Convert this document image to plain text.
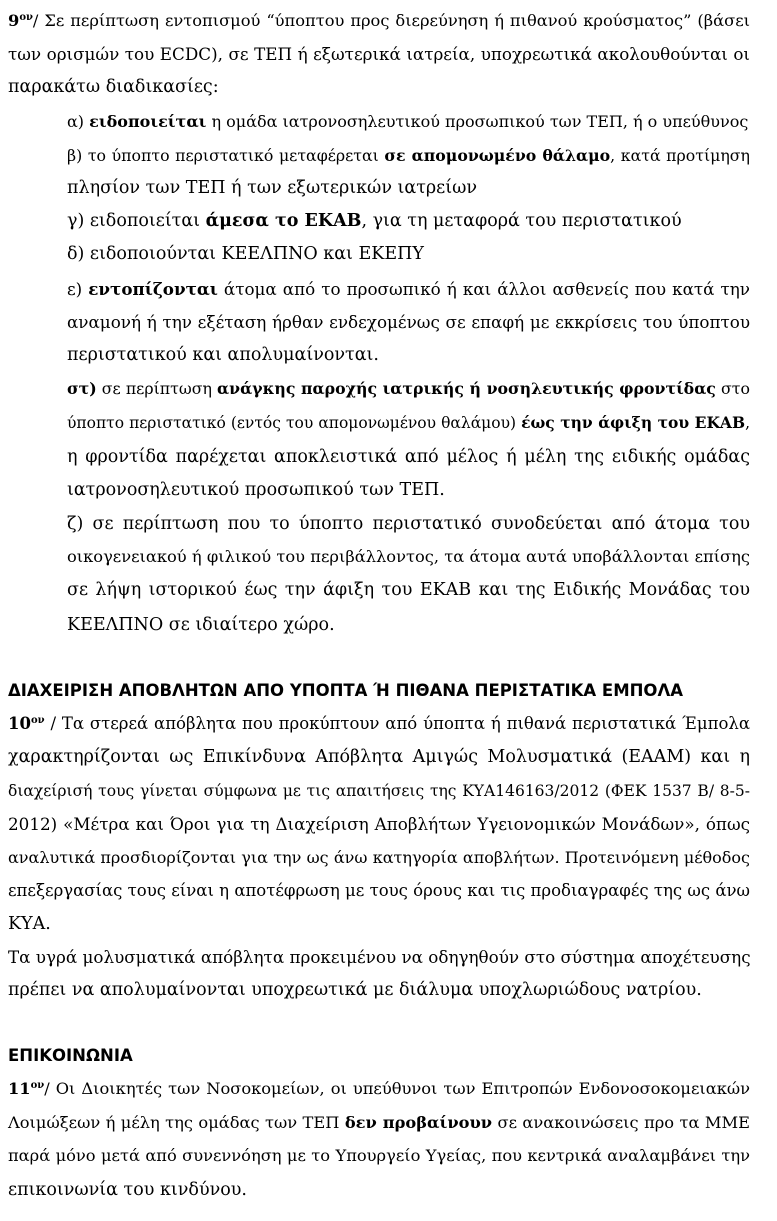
$9^{o\nu}/$ Σε περίπτωση εντοπισμού “ύποπτου προς διερεύνηση ή πιθανού κρούσματος” (βάσει
των ορισμών του ECDC), σε ΤΕΠ ή εξωτερικά ιατρεία, υποχρεωτικά ακολουθούνται οι
παρακάτω διαδικασίες:
α) ειδοποιείται η ομάδα ιατρονοσηλευτικού προσωπικού των ΤΕΠ, ή ο υπεύθυνος
β) το ύποπτο περιστατικό μεταφέρεται σε απομονωμένο θάλαμο, κατά προτίμηση
πλησίον των ΤΕΠ ή των εξωτερικών ιατρείων
γ) ειδοποιείται άμεσα το ΕΚΑΒ, για τη μεταφορά του περιστατικού
δ) ειδοποιούνται ΚΕΕΛΠΝΟ και ΕΚΕΠΥ
ε) εντοπίζονται άτομα από το προσωπικό ή και άλλοι ασθενείς που κατά την
αναμονή ή την εξέταση ήρθαν ενδεχομένως σε επαφή με εκκρίσεις του ύποπτου
περιστατικού και απολυμαίνονται.
στ) σε περίπτωση ανάγκης παροχής ιατρικής ή νοσηλευτικής φροντίδας στο
ύποπτο περιστατικό (εντός του απομονωμένου θαλάμου) έως την άφιξη του ΕΚΑΒ,
η φροντίδα παρέχεται αποκλειστικά από μέλος ή μέλη της ειδικής ομάδας
ιατρονοσηλευτικού προσωπικού των ΤΕΠ.
ζ) σε περίπτωση που το ύποπτο περιστατικό συνοδεύεται από άτομα του
οικογενειακού ή φιλικού του περιβάλλοντος, τα άτομα αυτά υποβάλλονται επίσης
σε λήψη ιστορικού έως την άφιξη του ΕΚΑΒ και της Ειδικής Μονάδας του
ΚΕΕΛΠΝΟ σε ιδιαίτερο χώρο.
ΔΙΑΧΕΙΡΙΣΗ ΑΠΟΒΛΗΤΩΝ ΑΠΟ ΥΠΟΠΤΑ Ή ΠΙΘΑΝΑ ΠΕΡΙΣΤΑΤΙΚΑ ΕΜΠΟΛΑ
$10^{o\nu}$ / Τα στερεά απόβλητα που προκύπτουν από ύποπτα ή πιθανά περιστατικά Έμπολα
χαρακτηρίζονται ως Επικίνδυνα Απόβλητα Αμιγώς Μολυσματικά (ΕΑΑΜ) και η
διαχείρισή τους γίνεται σύμφωνα με τις απαιτήσεις της ΚΥΑ146163/2012 (ΦΕΚ 1537 Β/ 8-5-
2012) «Μέτρα και Όροι για τη Διαχείριση Αποβλήτων Υγειονομικών Μονάδων», όπως
αναλυτικά προσδιορίζονται για την ως άνω κατηγορία αποβλήτων. Προτεινόμενη μέθοδος
επεξεργασίας τους είναι η αποτέφρωση με τους όρους και τις προδιαγραφές της ως άνω
ΚΥΑ.
Τα υγρά μολυσματικά απόβλητα προκειμένου να οδηγηθούν στο σύστημα αποχέτευσης
πρέπει να απολυμαίνονται υποχρεωτικά με διάλυμα υποχλωριώδους νατρίου.
ΕΠΙΚΟΙΝΩΝΙΑ
$11^{o\nu}/$ Οι Διοικητές των Νοσοκομείων, οι υπεύθυνοι των Επιτροπών Ενδονοσοκομειακών
Λοιμώξεων ή μέλη της ομάδας των ΤΕΠ δεν προβαίνουν σε ανακοινώσεις προ τα ΜΜΕ
παρά μόνο μετά από συνεννόηση με το Υπουργείο Υγείας, που κεντρικά αναλαμβάνει την
επικοινωνία του κινδύνου.
